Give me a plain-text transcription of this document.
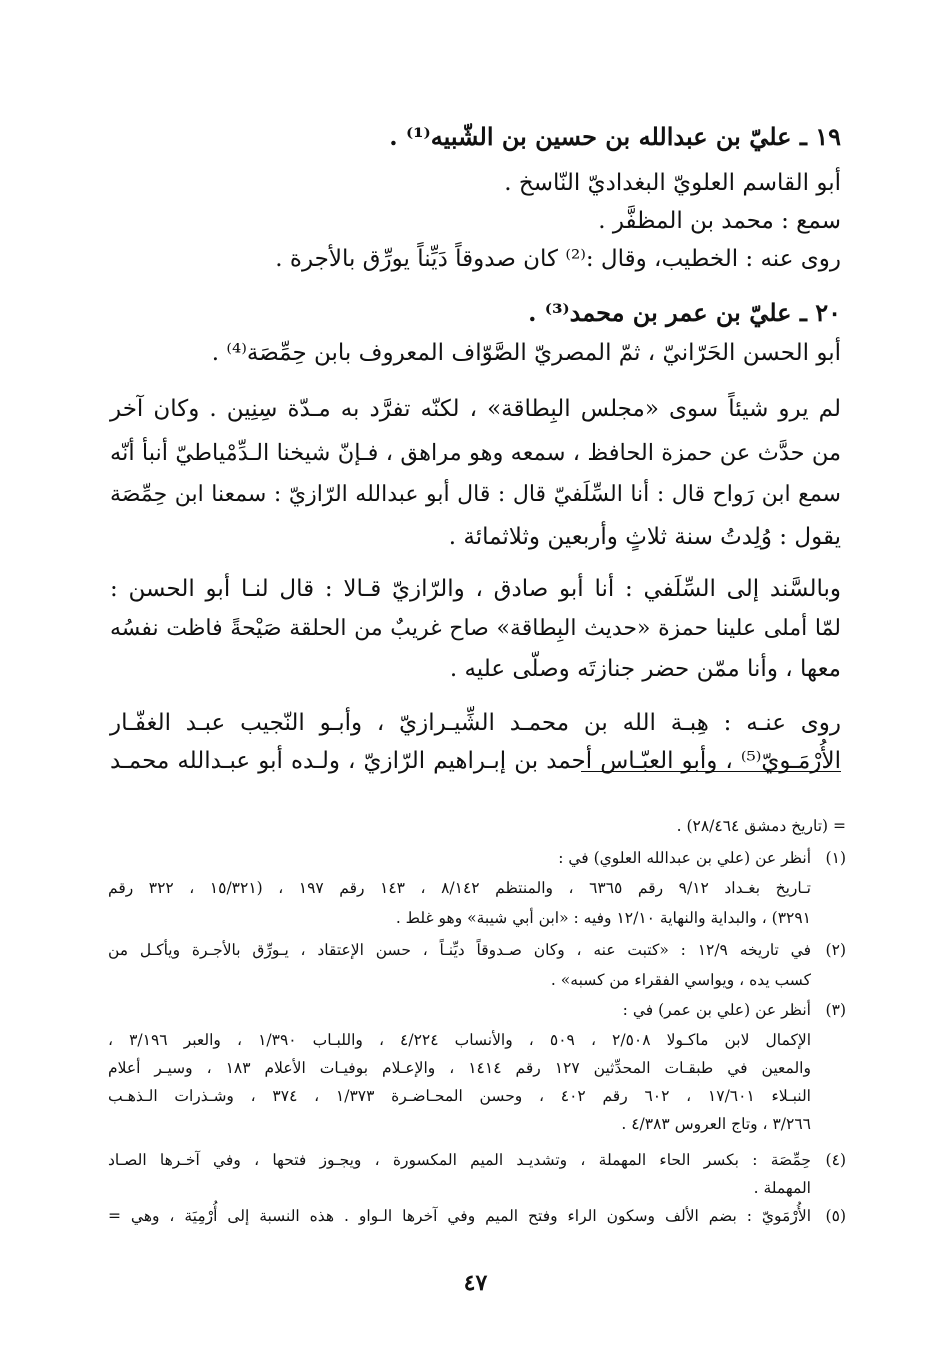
١٩ ـ عليّ بن عبدالله بن حسين بن الشّبيه⁽¹⁾ .
أبو القاسم العلويّ البغداديّ النّاسخ .
سمع : محمد بن المظفَّر .
روى عنه : الخطيب، وقال :⁽²⁾ كان صدوقاً دَيِّناً يورِّق بالأجرة .
٢٠ ـ عليّ بن عمر بن محمد⁽³⁾ .
أبو الحسن الحَرّانيّ ، ثمّ المصريّ الصَّوّاف المعروف بابن حِمِّصَة⁽⁴⁾ .
لم يرو شيئاً سوى «مجلس البِطاقة» ، لكنّه تفرَّد به مـدّة سِنِين . وكان آخر
من حدَّث عن حمزة الحافظ ، سمعه وهو مراهق ، فـإنّ شيخنا الـدِّمْياطيّ أنبأ أنّه
سمع ابن رَواح قال : أنا السِّلَفيّ قال : قال أبو عبدالله الرّازيّ : سمعنا ابن حِمِّصَة
يقول : وُلِدتُ سنة ثلاثٍ وأربعين وثلاثمائة .
وبالسَّند إلى السِّلَفي : أنا أبو صادق ، والرّازيّ قـالا : قال لنـا أبو الحسن :
لمّا أملى علينا حمزة «حديث البِطاقة» صاح غريبٌ من الحلقة صَيْحةً فاظت نفسُه
معها ، وأنا ممّن حضر جنازتَه وصلّى عليه .
روى عنـه : هِبـة الله بن محمـد الشِّيـرازيّ ، وأبـو النّجيب عبـد الغفّـار
الأُرْمَـويّ⁽⁵⁾ ، وأبو العبّـاس أحمد بن إبـراهيم الرّازيّ ، ولـده أبو عبـدالله محمـد
= (تاريخ دمشق ٢٨/٤٦٤) .
(١)
أنظر عن (علي بن عبدالله العلوي) في :
تـاريخ بغـداد ٩/١٢ رقم ٦٣٦٥ ، والمنتظم ٨/١٤٢ ، ١٤٣ رقم ١٩٧ ، (١٥/٣٢١ ، ٣٢٢ رقم
٣٢٩١) ، والبداية والنهاية ١٢/١٠ وفيه : «ابن أبي شيبة» وهو غلط .
(٢)
في تاريخه ١٢/٩ : «كتبت عنه ، وكان صـدوقاً ديِّنـاً ، حسن الإعتقاد ، يـورِّق بالأجـرة ويأكـل من
كسب يده ، ويواسي الفقراء من كسبه» .
(٣)
أنظر عن (علي بن عمر) في :
الإكمال لابن ماكـولا ٢/٥٠٨ ، ٥٠٩ ، والأنساب ٤/٢٢٤ ، واللبـاب ١/٣٩٠ ، والعبر ٣/١٩٦ ،
والمعين في طبقـات المحدِّثين ١٢٧ رقم ١٤١٤ ، والإعـلام بوفيـات الأعلام ١٨٣ ، وسيـر أعلام
النبـلاء ١٧/٦٠١ ، ٦٠٢ رقم ٤٠٢ ، وحسن المحـاضـرة ١/٣٧٣ ، ٣٧٤ ، وشـذرات الـذهـب
٣/٢٦٦ ، وتاج العروس ٤/٣٨٣ .
(٤)
حِمِّصَة : بكسر الحاء المهملة ، وتشديـد الميم المكسورة ، ويجـوز فتحها ، وفي آخـرها الصـاد
المهملة .
(٥)
الأُرْمَويّ : بضم الألف وسكون الراء وفتح الميم وفي آخرها الـواو . هذه النسبة إلى أُرْمِيَة ، وهي =
٤٧
